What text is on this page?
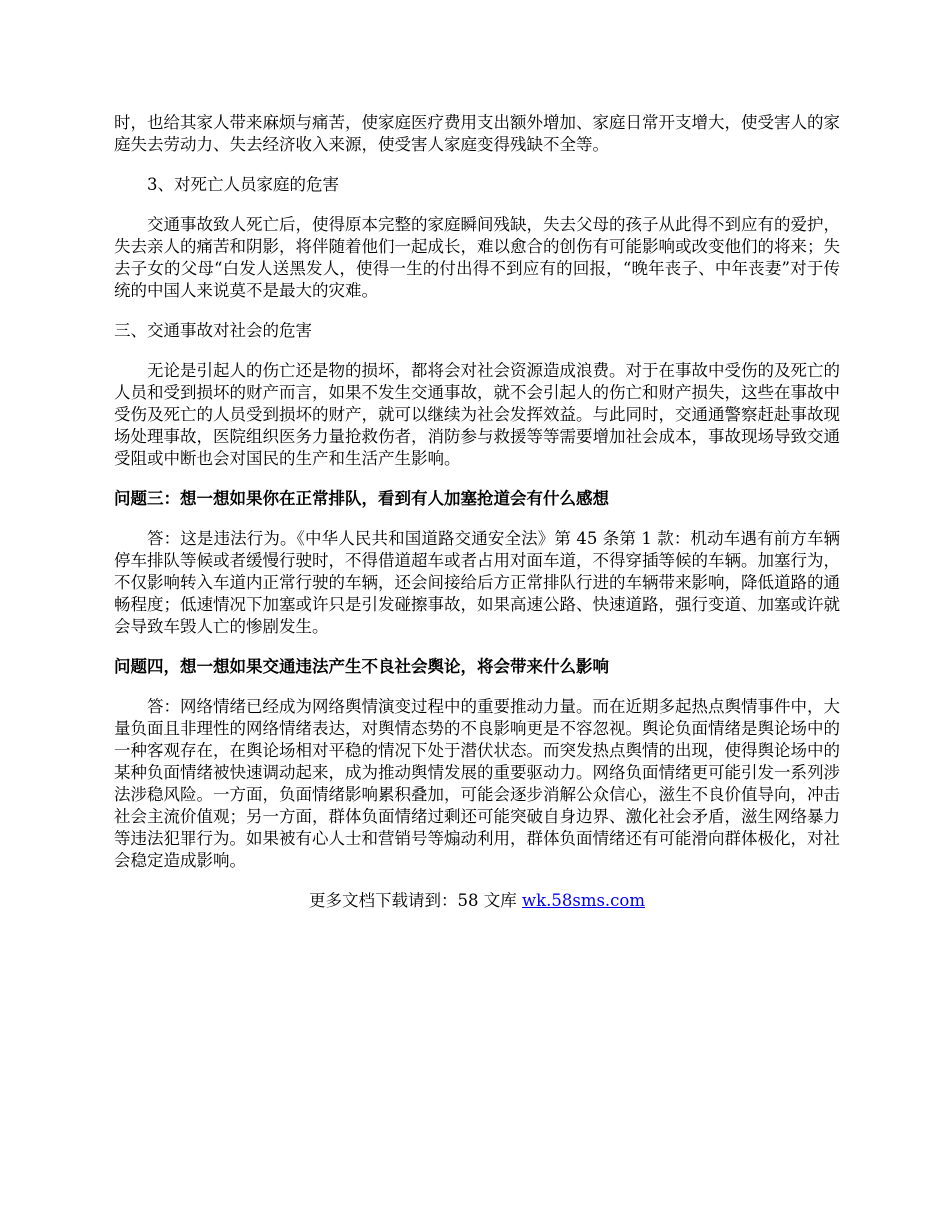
时，也给其家人带来麻烦与痛苦，使家庭医疗费用支出额外增加、家庭日常开支增大，使受害人的家庭失去劳动力、失去经济收入来源，使受害人家庭变得残缺不全等。

3、对死亡人员家庭的危害

交通事故致人死亡后，使得原本完整的家庭瞬间残缺，失去父母的孩子从此得不到应有的爱护，失去亲人的痛苦和阴影，将伴随着他们一起成长，难以愈合的创伤有可能影响或改变他们的将来；失去子女的父母“白发人送黑发人，使得一生的付出得不到应有的回报，“晚年丧子、中年丧妻”对于传统的中国人来说莫不是最大的灾难。

三、交通事故对社会的危害

无论是引起人的伤亡还是物的损坏，都将会对社会资源造成浪费。对于在事故中受伤的及死亡的人员和受到损坏的财产而言，如果不发生交通事故，就不会引起人的伤亡和财产损失，这些在事故中受伤及死亡的人员受到损坏的财产，就可以继续为社会发挥效益。与此同时，交通通警察赶赴事故现场处理事故，医院组织医务力量抢救伤者，消防参与救援等等需要增加社会成本，事故现场导致交通受阻或中断也会对国民的生产和生活产生影响。

问题三：想一想如果你在正常排队，看到有人加塞抢道会有什么感想

答：这是违法行为。《中华人民共和国道路交通安全法》第 45 条第 1 款：机动车遇有前方车辆停车排队等候或者缓慢行驶时，不得借道超车或者占用对面车道，不得穿插等候的车辆。加塞行为，不仅影响转入车道内正常行驶的车辆，还会间接给后方正常排队行进的车辆带来影响，降低道路的通畅程度；低速情况下加塞或许只是引发碰擦事故，如果高速公路、快速道路，强行变道、加塞或许就会导致车毁人亡的惨剧发生。

问题四，想一想如果交通违法产生不良社会舆论，将会带来什么影响

答：网络情绪已经成为网络舆情演变过程中的重要推动力量。而在近期多起热点舆情事件中，大量负面且非理性的网络情绪表达，对舆情态势的不良影响更是不容忽视。舆论负面情绪是舆论场中的一种客观存在，在舆论场相对平稳的情况下处于潜伏状态。而突发热点舆情的出现，使得舆论场中的某种负面情绪被快速调动起来，成为推动舆情发展的重要驱动力。网络负面情绪更可能引发一系列涉法涉稳风险。一方面，负面情绪影响累积叠加，可能会逐步消解公众信心，滋生不良价值导向，冲击社会主流价值观；另一方面，群体负面情绪过剩还可能突破自身边界、激化社会矛盾，滋生网络暴力等违法犯罪行为。如果被有心人士和营销号等煽动利用，群体负面情绪还有可能滑向群体极化，对社会稳定造成影响。

更多文档下载请到：58 文库 wk.58sms.com
